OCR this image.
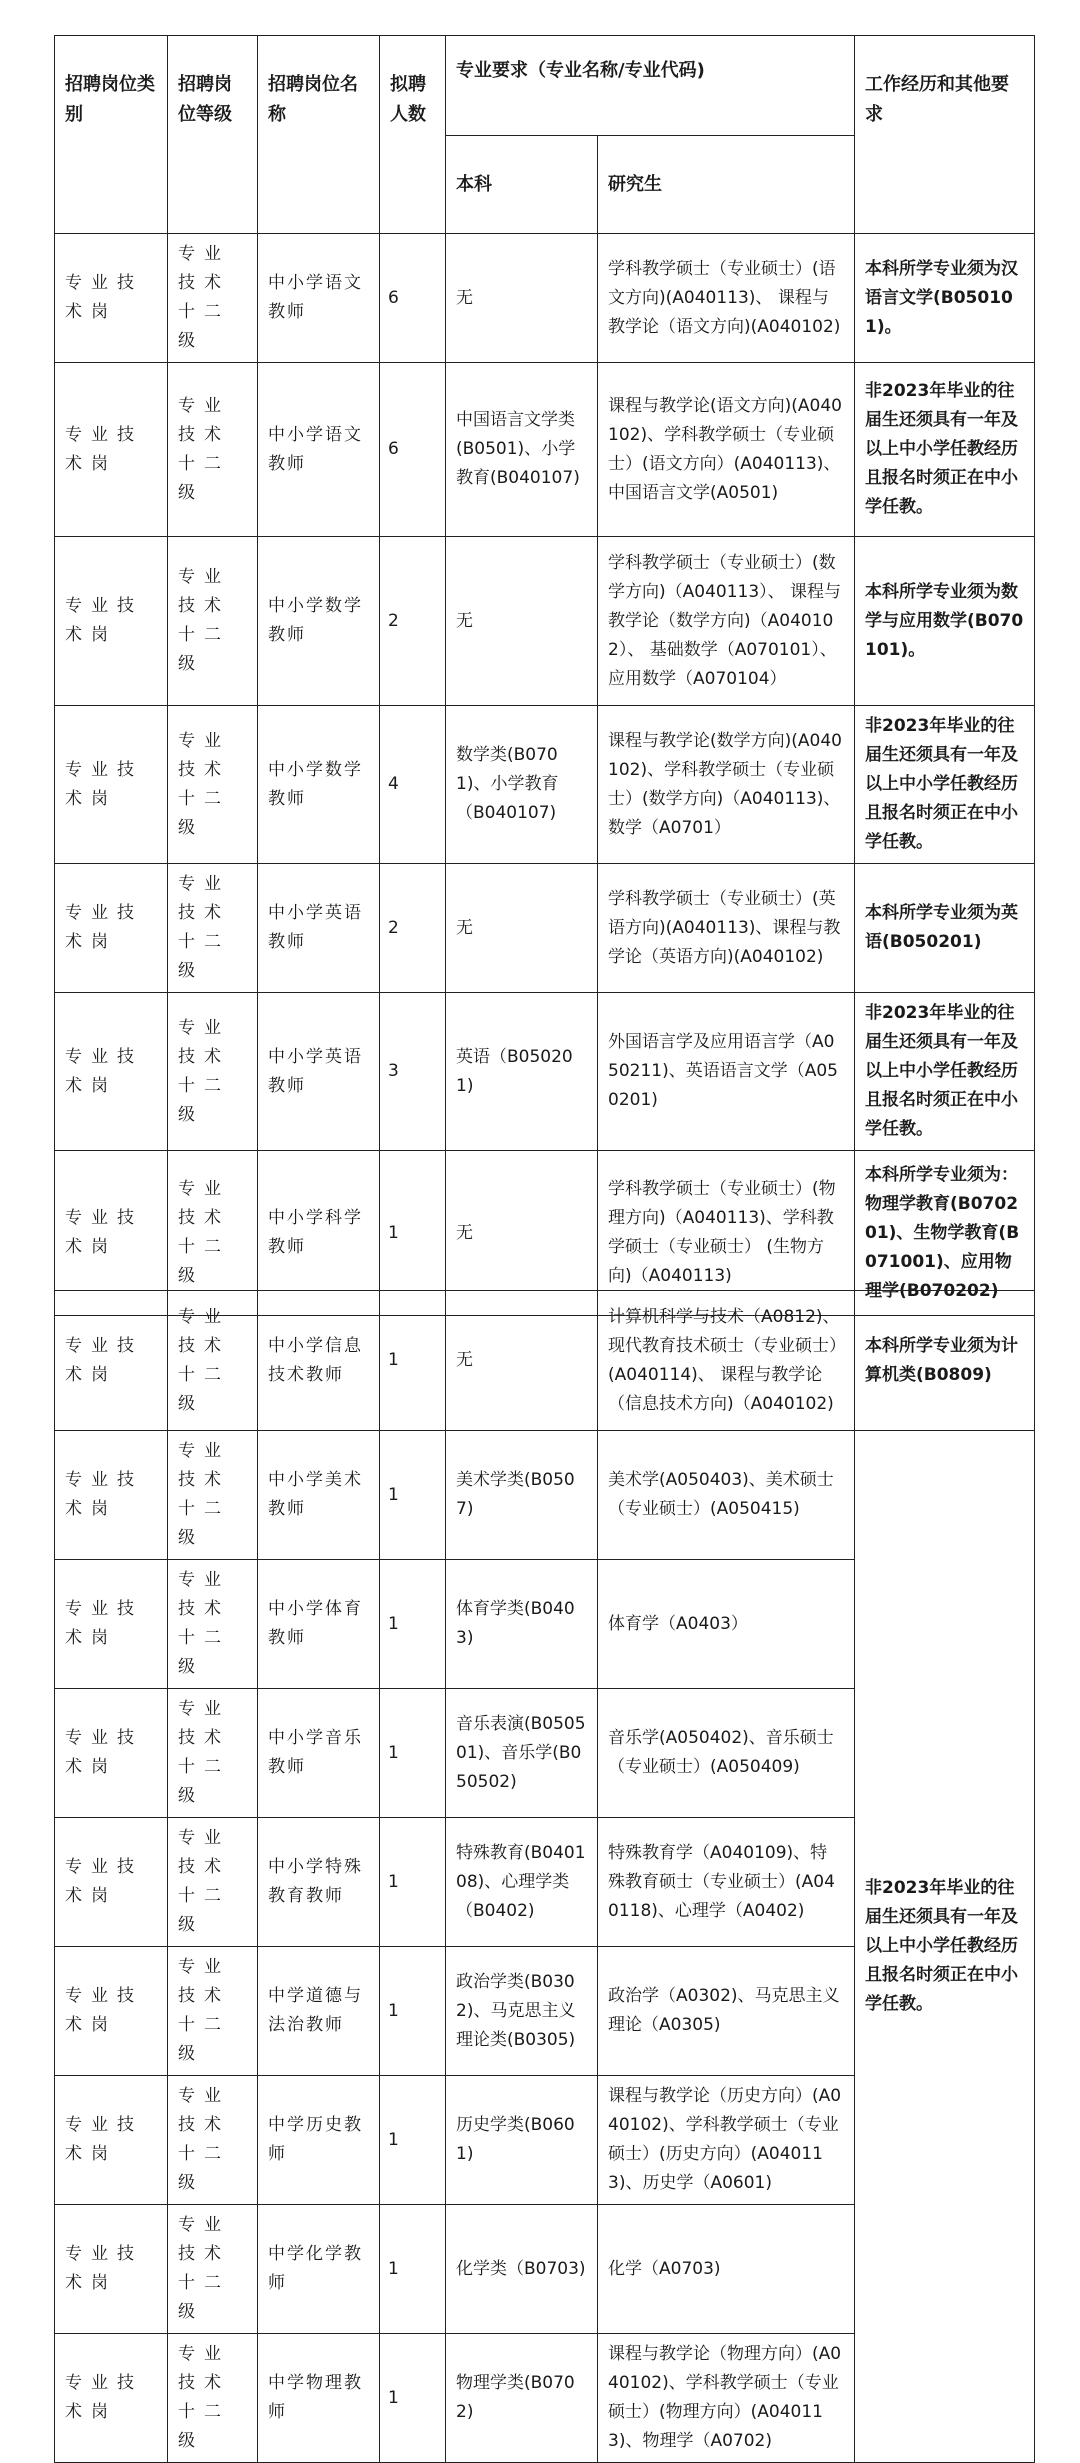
招聘岗位类别	招聘岗位等级	招聘岗位名称	拟聘人数	专业要求（专业名称/专业代码)		工作经历和其他要求
				本科	研究生	
专业技术岗	专业技术十二级	中小学语文教师	6	无	学科教学硕士（专业硕士）(语文方向)(A040113)、 课程与教学论（语文方向)(A040102)	本科所学专业须为汉语言文学(B050101)。
专业技术岗	专业技术十二级	中小学语文教师	6	中国语言文学类(B0501)、小学教育(B040107)	课程与教学论(语文方向)(A040102)、学科教学硕士（专业硕士）(语文方向）(A040113)、中国语言文学(A0501)	非2023年毕业的往届生还须具有一年及以上中小学任教经历且报名时须正在中小学任教。
专业技术岗	专业技术十二级	中小学数学教师	2	无	学科教学硕士（专业硕士）(数学方向)（A040113）、 课程与教学论（数学方向)（A040102）、 基础数学（A070101）、 应用数学（A070104）	本科所学专业须为数学与应用数学(B070101)。
专业技术岗	专业技术十二级	中小学数学教师	4	数学类(B0701)、小学教育（B040107)	课程与教学论(数学方向)(A040102)、学科教学硕士（专业硕士）(数学方向)（A040113)、数学（A0701）	非2023年毕业的往届生还须具有一年及以上中小学任教经历且报名时须正在中小学任教。
专业技术岗	专业技术十二级	中小学英语教师	2	无	学科教学硕士（专业硕士）(英语方向)(A040113)、课程与教学论（英语方向)(A040102)	本科所学专业须为英语(B050201)
专业技术岗	专业技术十二级	中小学英语教师	3	英语（B050201)	外国语言学及应用语言学（A050211)、英语语言文学（A050201)	非2023年毕业的往届生还须具有一年及以上中小学任教经历且报名时须正在中小学任教。
专业技术岗	专业技术十二级	中小学科学教师	1	无	学科教学硕士（专业硕士）(物理方向)（A040113)、学科教学硕士（专业硕士） (生物方向)（A040113)	本科所学专业须为：物理学教育(B070201)、生物学教育(B071001)、应用物理学(B070202)
专业技术岗	专业技术十二级	中小学信息技术教师	1	无	计算机科学与技术（A0812)、现代教育技术硕士（专业硕士）(A040114)、 课程与教学论（信息技术方向)（A040102)	本科所学专业须为计算机类(B0809)
专业技术岗	专业技术十二级	中小学美术教师	1	美术学类(B0507)	美术学(A050403)、美术硕士（专业硕士）(A050415)	非2023年毕业的往届生还须具有一年及以上中小学任教经历且报名时须正在中小学任教。
专业技术岗	专业技术十二级	中小学体育教师	1	体育学类(B0403)	体育学（A0403）	
专业技术岗	专业技术十二级	中小学音乐教师	1	音乐表演(B050501)、音乐学(B050502)	音乐学(A050402)、音乐硕士（专业硕士）(A050409)	
专业技术岗	专业技术十二级	中小学特殊教育教师	1	特殊教育(B040108)、心理学类（B0402)	特殊教育学（A040109)、特殊教育硕士（专业硕士）(A040118)、心理学（A0402)	
专业技术岗	专业技术十二级	中学道德与法治教师	1	政治学类(B0302)、马克思主义理论类(B0305)	政治学（A0302)、马克思主义理论（A0305)	
专业技术岗	专业技术十二级	中学历史教师	1	历史学类(B0601)	课程与教学论（历史方向）(A040102)、学科教学硕士（专业硕士）(历史方向）(A040113)、历史学（A0601)	
专业技术岗	专业技术十二级	中学化学教师	1	化学类（B0703)	化学（A0703)	
专业技术岗	专业技术十二级	中学物理教师	1	物理学类(B0702)	课程与教学论（物理方向）(A040102)、学科教学硕士（专业硕士）(物理方向）(A040113)、物理学（A0702)	
